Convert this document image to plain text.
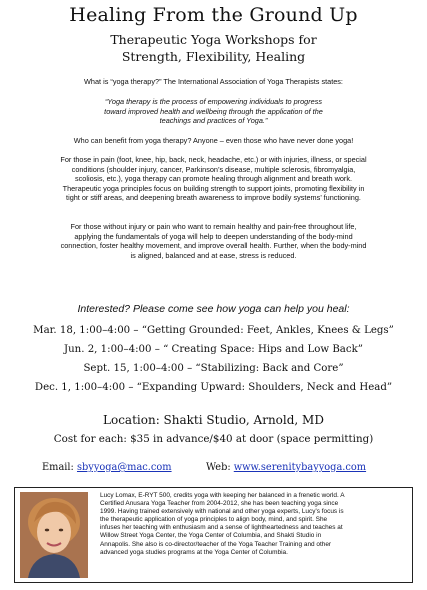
Healing From the Ground Up
Therapeutic Yoga Workshops for
Strength, Flexibility, Healing
What is “yoga therapy?” The International Association of Yoga Therapists states:
“Yoga therapy is the process of empowering individuals to progress
toward improved health and wellbeing through the application of the
teachings and practices of Yoga.”
Who can benefit from yoga therapy? Anyone – even those who have never done yoga!
For those in pain (foot, knee, hip, back, neck, headache, etc.) or with injuries, illness, or special
conditions (shoulder injury, cancer, Parkinson’s disease, multiple sclerosis, fibromyalgia,
scoliosis, etc.), yoga therapy can promote healing through alignment and breath work.
Therapeutic yoga principles focus on building strength to support joints, promoting flexibility in
tight or stiff areas, and deepening breath awareness to improve bodily systems’ functioning.
For those without injury or pain who want to remain healthy and pain-free throughout life,
applying the fundamentals of yoga will help to deepen understanding of the body-mind
connection, foster healthy movement, and improve overall health. Further, when the body-mind
is aligned, balanced and at ease, stress is reduced.
Interested? Please come see how yoga can help you heal:
Mar. 18, 1:00–4:00 – “Getting Grounded: Feet, Ankles, Knees & Legs”
Jun. 2, 1:00–4:00 – “ Creating Space: Hips and Low Back”
Sept. 15, 1:00–4:00 – “Stabilizing: Back and Core”
Dec. 1, 1:00–4:00 – “Expanding Upward: Shoulders, Neck and Head”
Location: Shakti Studio, Arnold, MD
Cost for each: $35 in advance/$40 at door (space permitting)
Email: sbyyoga@mac.com	Web: www.serenitybayyoga.com
Lucy Lomax, E-RYT 500, credits yoga with keeping her balanced in a frenetic world. A
Certified Anusara Yoga Teacher from 2004-2012, she has been teaching yoga since
1999. Having trained extensively with national and other yoga experts, Lucy’s focus is
the therapeutic application of yoga principles to align body, mind, and spirit. She
infuses her teaching with enthusiasm and a sense of lightheartedness and teaches at
Willow Street Yoga Center, the Yoga Center of Columbia, and Shakti Studio in
Annapolis. She also is co-director/teacher of the Yoga Teacher Training and other
advanced yoga studies programs at the Yoga Center of Columbia.
